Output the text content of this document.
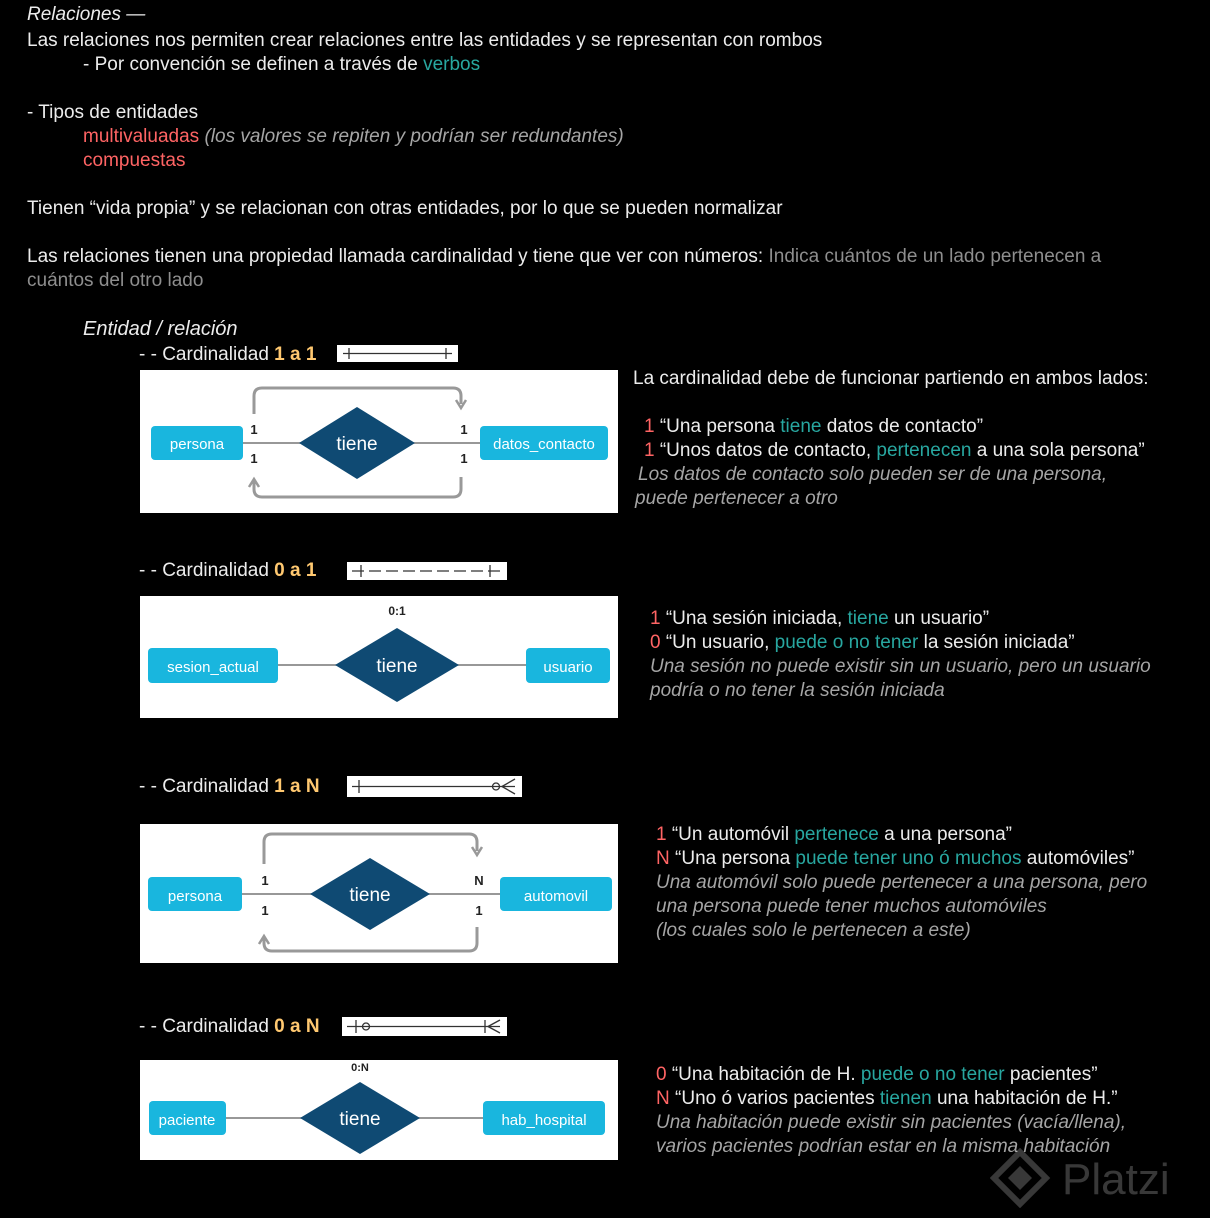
Relaciones —
Las relaciones nos permiten crear relaciones entre las entidades y se representan con rombos
- Por convención se definen a través de verbos
- Tipos de entidades
multivaluadas (los valores se repiten y podrían ser redundantes)
compuestas
Tienen “vida propia” y se relacionan con otras entidades, por lo que se pueden normalizar
Las relaciones tienen una propiedad llamada cardinalidad y tiene que ver con números: Indica cuántos de un lado pertenecen a
cuántos del otro lado
Entidad / relación
- - Cardinalidad 1 a 1
persona	tiene	datos_contacto
1
1
1
1
La cardinalidad debe de funcionar partiendo en ambos lados:
1 “Una persona tiene datos de contacto”
1 “Unos datos de contacto, pertenecen a una sola persona”
Los datos de contacto solo pueden ser de una persona,
puede pertenecer a otro
- - Cardinalidad 0 a 1
sesion_actual	tiene	usuario
0:1	1 “Una sesión iniciada, tiene un usuario”
0 “Un usuario, puede o no tener la sesión iniciada”
Una sesión no puede existir sin un usuario, pero un usuario
podría o no tener la sesión iniciada
- - Cardinalidad 1 a N
persona	tiene	automovil
1
1
N
1
1 “Un automóvil pertenece a una persona”
N “Una persona puede tener uno ó muchos automóviles”
Una automóvil solo puede pertenecer a una persona, pero
una persona puede tener muchos automóviles
(los cuales solo le pertenecen a este)
- - Cardinalidad 0 a N
paciente	tiene	hab_hospital
0:N	0 “Una habitación de H. puede o no tener pacientes”
N “Uno ó varios pacientes tienen una habitación de H.”
Una habitación puede existir sin pacientes (vacía/llena),
varios pacientes podrían estar en la misma habitación
Platzi
